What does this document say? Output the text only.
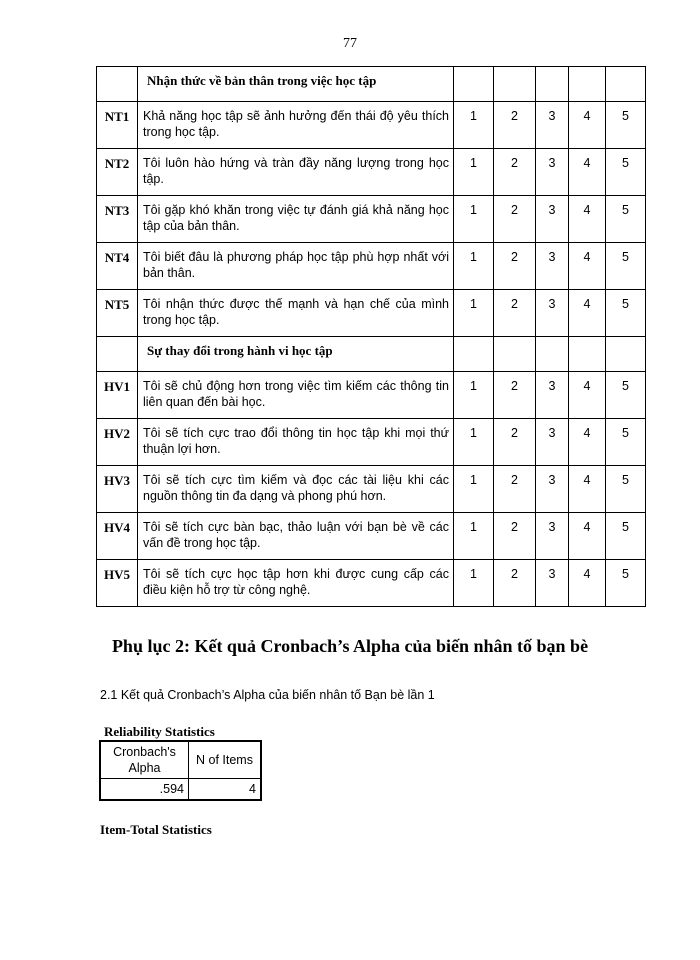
77
	Nhận thức về bản thân trong việc học tập					
NT1	Khả năng học tập sẽ ảnh hưởng đến thái độ yêu thích trong học tập.	1	2	3	4	5
NT2	Tôi luôn hào hứng và tràn đầy năng lượng trong học tập.	1	2	3	4	5
NT3	Tôi gặp khó khăn trong việc tự đánh giá khả năng học tập của bản thân.	1	2	3	4	5
NT4	Tôi biết đâu là phương pháp học tập phù hợp nhất với bản thân.	1	2	3	4	5
NT5	Tôi nhận thức được thế mạnh và hạn chế của mình trong học tập.	1	2	3	4	5
	Sự thay đổi trong hành vi học tập					
HV1	Tôi sẽ chủ động hơn trong việc tìm kiếm các thông tin liên quan đến bài học.	1	2	3	4	5
HV2	Tôi sẽ tích cực trao đổi thông tin học tập khi mọi thứ thuận lợi hơn.	1	2	3	4	5
HV3	Tôi sẽ tích cực tìm kiếm và đọc các tài liệu khi các nguồn thông tin đa dạng và phong phú hơn.	1	2	3	4	5
HV4	Tôi sẽ tích cực bàn bạc, thảo luận với bạn bè về các vấn đề trong học tập.	1	2	3	4	5
HV5	Tôi sẽ tích cực học tập hơn khi được cung cấp các điều kiện hỗ trợ từ công nghệ.	1	2	3	4	5
Phụ lục 2: Kết quả Cronbach’s Alpha của biến nhân tố bạn bè
2.1 Kết quả Cronbach’s Alpha của biến nhân tố Bạn bè lần 1
Reliability Statistics
Cronbach's Alpha	N of Items
.594	4
Item-Total Statistics
